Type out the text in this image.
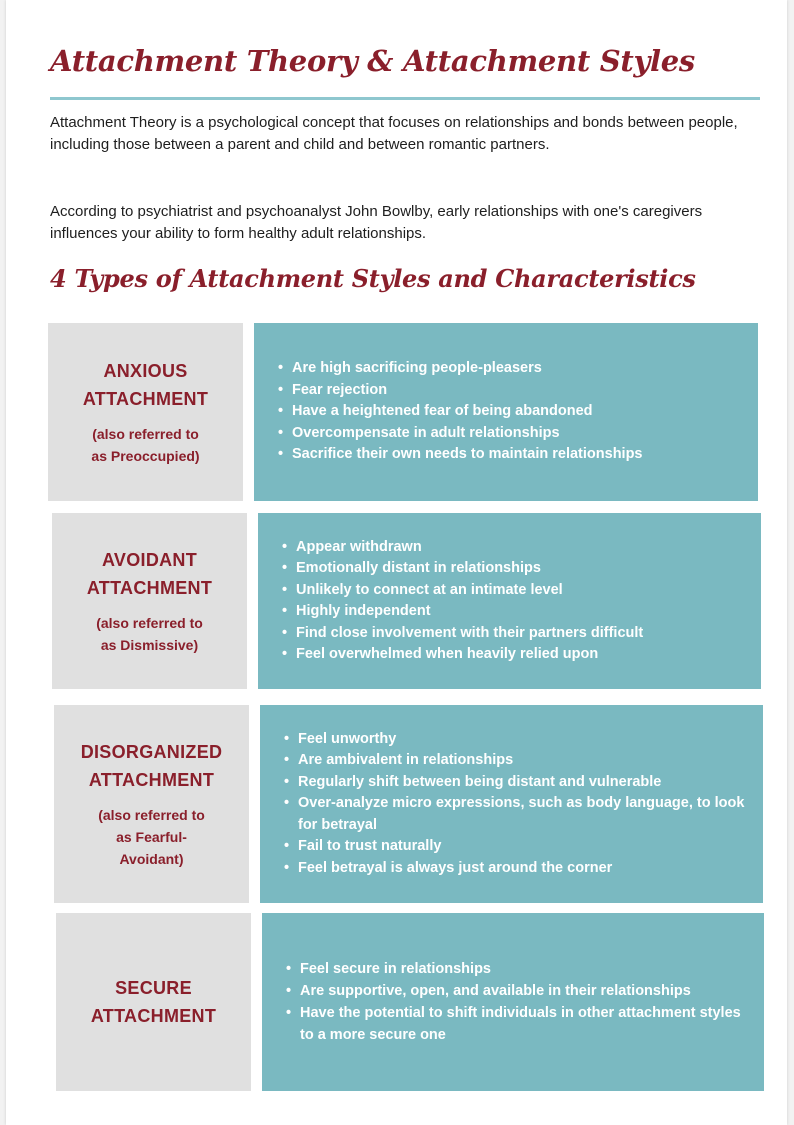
Attachment Theory & Attachment Styles

Attachment Theory is a psychological concept that focuses on relationships and bonds between people, including those between a parent and child and between romantic partners.

According to psychiatrist and psychoanalyst John Bowlby, early relationships with one's caregivers influences your ability to form healthy adult relationships.

4 Types of Attachment Styles and Characteristics
ANXIOUS
ATTACHMENT
(also referred to
as Preoccupied)
• Are high sacrificing people-pleasers
• Fear rejection
• Have a heightened fear of being abandoned
• Overcompensate in adult relationships
• Sacrifice their own needs to maintain relationships
AVOIDANT
ATTACHMENT
(also referred to
as Dismissive)
• Appear withdrawn
• Emotionally distant in relationships
• Unlikely to connect at an intimate level
• Highly independent
• Find close involvement with their partners difficult
• Feel overwhelmed when heavily relied upon
DISORGANIZED
ATTACHMENT
(also referred to
as Fearful-
Avoidant)
• Feel unworthy
• Are ambivalent in relationships
• Regularly shift between being distant and vulnerable
• Over-analyze micro expressions, such as body language, to look for betrayal
• Fail to trust naturally
• Feel betrayal is always just around the corner
SECURE
ATTACHMENT
• Feel secure in relationships
• Are supportive, open, and available in their relationships
• Have the potential to shift individuals in other attachment styles to a more secure one
